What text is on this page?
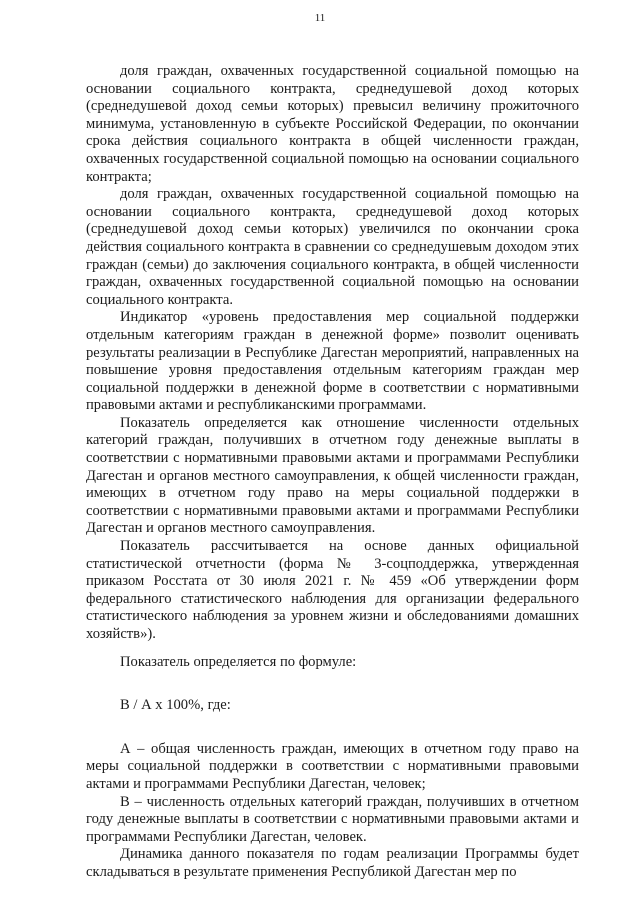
11

доля граждан, охваченных государственной социальной помощью на основании социального контракта, среднедушевой доход которых (среднедушевой доход семьи которых) превысил величину прожиточного минимума, установленную в субъекте Российской Федерации, по окончании срока действия социального контракта в общей численности граждан, охваченных государственной социальной помощью на основании социального контракта;

доля граждан, охваченных государственной социальной помощью на основании социального контракта, среднедушевой доход которых (среднедушевой доход семьи которых) увеличился по окончании срока действия социального контракта в сравнении со среднедушевым доходом этих граждан (семьи) до заключения социального контракта, в общей численности граждан, охваченных государственной социальной помощью на основании социального контракта.

Индикатор «уровень предоставления мер социальной поддержки отдельным категориям граждан в денежной форме» позволит оценивать результаты реализации в Республике Дагестан мероприятий, направленных на повышение уровня предоставления отдельным категориям граждан мер социальной поддержки в денежной форме в соответствии с нормативными правовыми актами и республиканскими программами.

Показатель определяется как отношение численности отдельных категорий граждан, получивших в отчетном году денежные выплаты в соответствии с нормативными правовыми актами и программами Республики Дагестан и органов местного самоуправления, к общей численности граждан, имеющих в отчетном году право на меры социальной поддержки в соответствии с нормативными правовыми актами и программами Республики Дагестан и органов местного самоуправления.

Показатель рассчитывается на основе данных официальной статистической отчетности (форма № 3-соцподдержка, утвержденная приказом Росстата от 30 июля 2021 г. № 459 «Об утверждении форм федерального статистического наблюдения для организации федерального статистического наблюдения за уровнем жизни и обследованиями домашних хозяйств»).

Показатель определяется по формуле:

В / А х 100%, где:

А – общая численность граждан, имеющих в отчетном году право на меры социальной поддержки в соответствии с нормативными правовыми актами и программами Республики Дагестан, человек;

В – численность отдельных категорий граждан, получивших в отчетном году денежные выплаты в соответствии с нормативными правовыми актами и программами Республики Дагестан, человек.

Динамика данного показателя по годам реализации Программы будет складываться в результате применения Республикой Дагестан мер по
